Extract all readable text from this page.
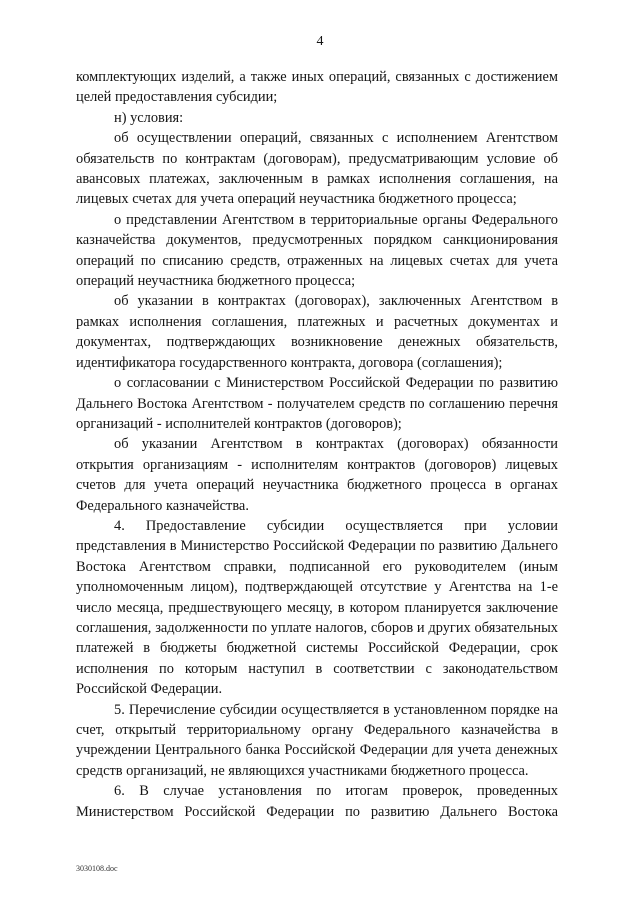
4

комплектующих изделий, а также иных операций, связанных с достижением целей предоставления субсидии;

н) условия:

об осуществлении операций, связанных с исполнением Агентством обязательств по контрактам (договорам), предусматривающим условие об авансовых платежах, заключенным в рамках исполнения соглашения, на лицевых счетах для учета операций неучастника бюджетного процесса;

о представлении Агентством в территориальные органы Федерального казначейства документов, предусмотренных порядком санкционирования операций по списанию средств, отраженных на лицевых счетах для учета операций неучастника бюджетного процесса;

об указании в контрактах (договорах), заключенных Агентством в рамках исполнения соглашения, платежных и расчетных документах и документах, подтверждающих возникновение денежных обязательств, идентификатора государственного контракта, договора (соглашения);

о согласовании с Министерством Российской Федерации по развитию Дальнего Востока Агентством - получателем средств по соглашению перечня организаций - исполнителей контрактов (договоров);

об указании Агентством в контрактах (договорах) обязанности открытия организациям - исполнителям контрактов (договоров) лицевых счетов для учета операций неучастника бюджетного процесса в органах Федерального казначейства.

4. Предоставление субсидии осуществляется при условии представления в Министерство Российской Федерации по развитию Дальнего Востока Агентством справки, подписанной его руководителем (иным уполномоченным лицом), подтверждающей отсутствие у Агентства на 1-е число месяца, предшествующего месяцу, в котором планируется заключение соглашения, задолженности по уплате налогов, сборов и других обязательных платежей в бюджеты бюджетной системы Российской Федерации, срок исполнения по которым наступил в соответствии с законодательством Российской Федерации.

5. Перечисление субсидии осуществляется в установленном порядке на счет, открытый территориальному органу Федерального казначейства в учреждении Центрального банка Российской Федерации для учета денежных средств организаций, не являющихся участниками бюджетного процесса.

6. В случае установления по итогам проверок, проведенных Министерством Российской Федерации по развитию Дальнего Востока

3030108.doc
